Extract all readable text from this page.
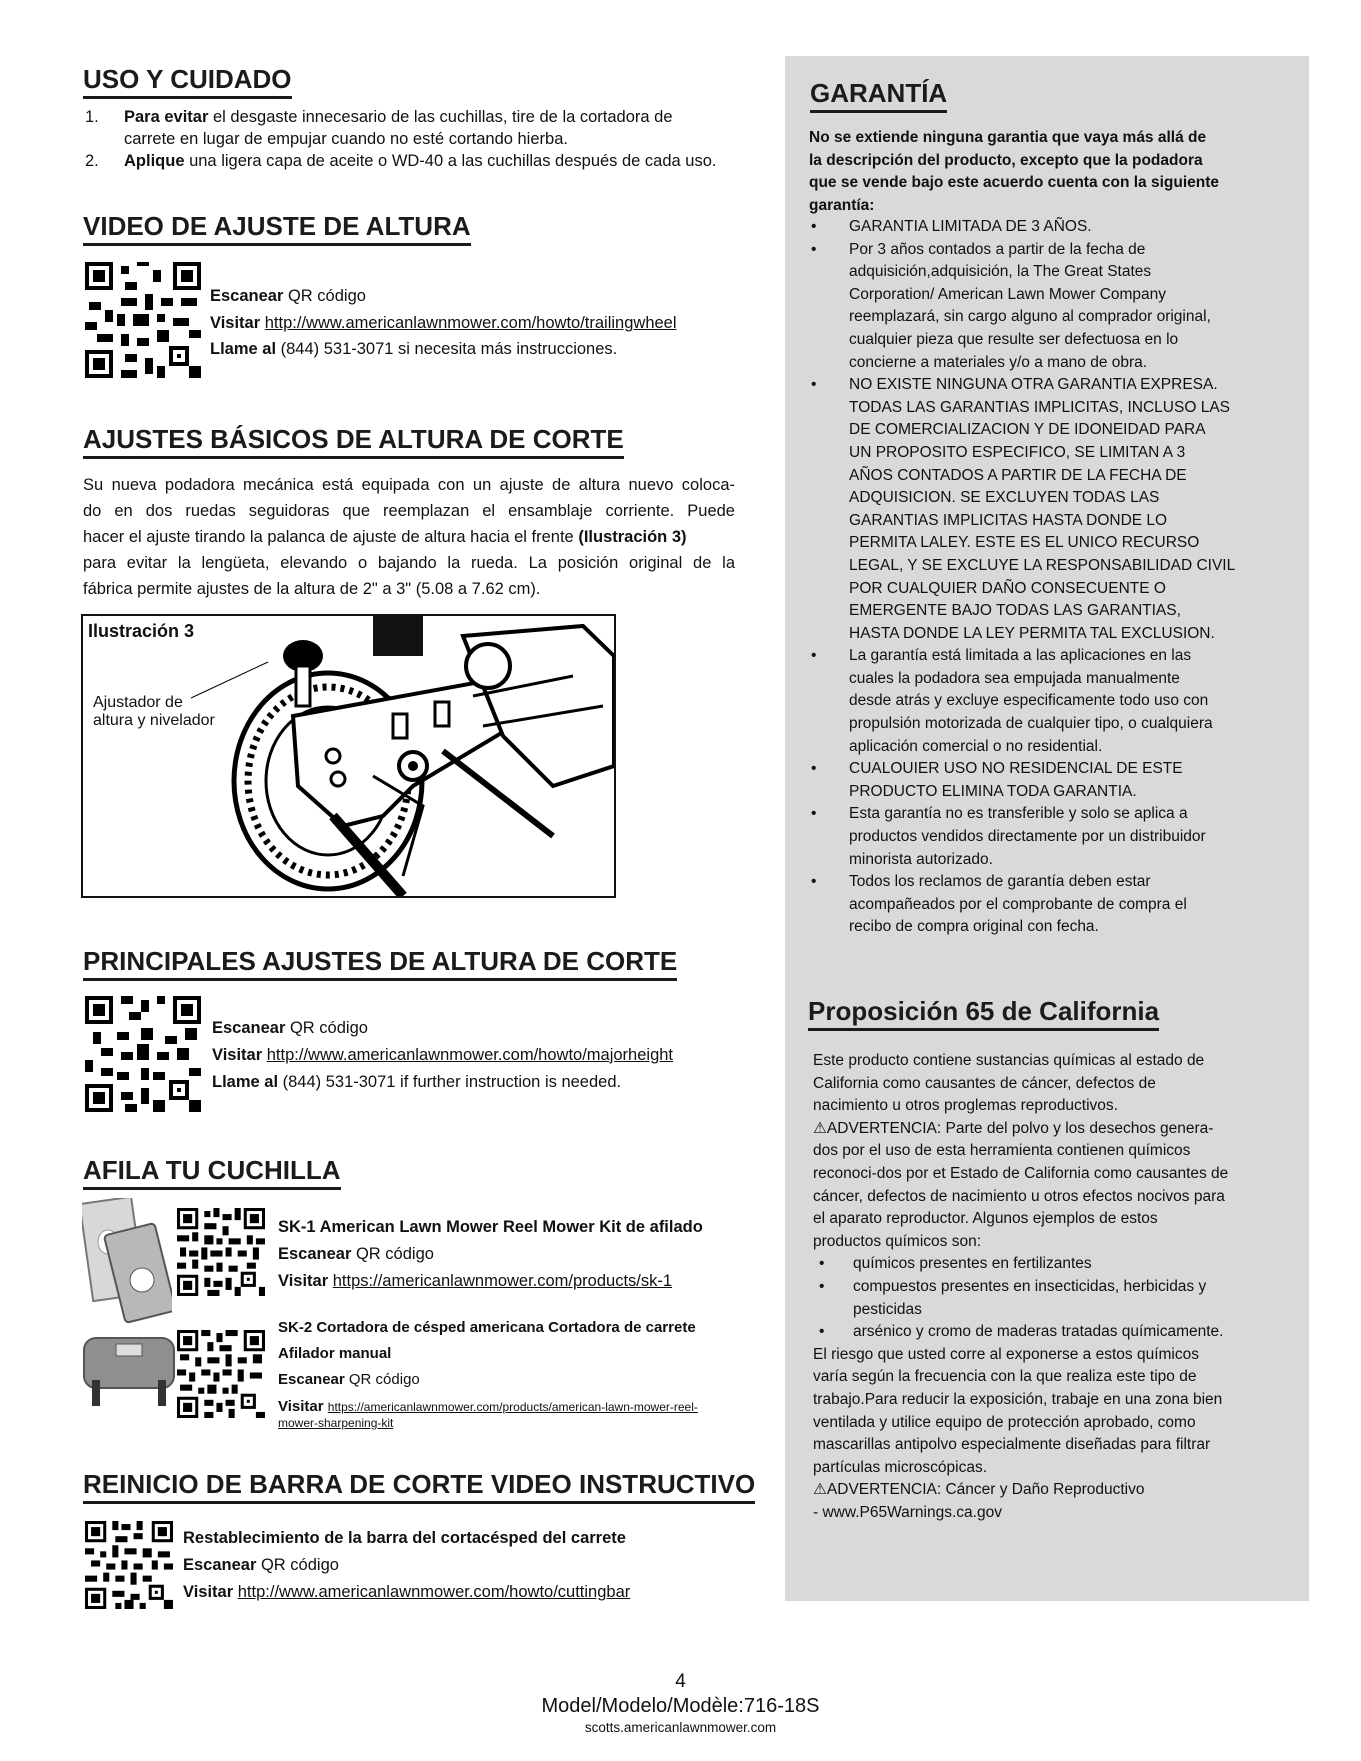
USO Y CUIDADO
1. Para evitar el desgaste innecesario de las cuchillas, tire de la cortadora de
carrete en lugar de empujar cuando no esté cortando hierba.
2. Aplique una ligera capa de aceite o WD-40 a las cuchillas después de cada uso.
VIDEO DE AJUSTE DE ALTURA
Escanear QR código
Visitar http://www.americanlawnmower.com/howto/trailingwheel
Llame al (844) 531-3071 si necesita más instrucciones.
AJUSTES BÁSICOS DE ALTURA DE CORTE
Su nueva podadora mecánica está equipada con un ajuste de altura nuevo coloca-
do en dos ruedas seguidoras que reemplazan el ensamblaje corriente. Puede
hacer el ajuste tirando la palanca de ajuste de altura hacia el frente (Ilustración 3)
para evitar la lengüeta, elevando o bajando la rueda. La posición original de la
fábrica permite ajustes de la altura de 2" a 3" (5.08 a 7.62 cm).
Ilustración 3
Ajustador de
altura y nivelador
PRINCIPALES AJUSTES DE ALTURA DE CORTE
Escanear QR código
Visitar http://www.americanlawnmower.com/howto/majorheight
Llame al (844) 531-3071 if further instruction is needed.
AFILA TU CUCHILLA
SK-1 American Lawn Mower Reel Mower Kit de afilado
Escanear QR código
Visitar https://americanlawnmower.com/products/sk-1
SK-2 Cortadora de césped americana Cortadora de carrete
Afilador manual
Escanear QR código
Visitar https://americanlawnmower.com/products/american-lawn-mower-reel-
mower-sharpening-kit
REINICIO DE BARRA DE CORTE VIDEO INSTRUCTIVO
Restablecimiento de la barra del cortacésped del carrete
Escanear QR código
Visitar http://www.americanlawnmower.com/howto/cuttingbar
GARANTÍA
No se extiende ninguna garantia que vaya más allá de
la descripción del producto, excepto que la podadora
que se vende bajo este acuerdo cuenta con la siguiente
garantía:
• GARANTIA LIMITADA DE 3 AÑOS.
• Por 3 años contados a partir de la fecha de
adquisición,adquisición, la The Great States
Corporation/ American Lawn Mower Company
reemplazará, sin cargo alguno al comprador original,
cualquier pieza que resulte ser defectuosa en lo
concierne a materiales y/o a mano de obra.
• NO EXISTE NINGUNA OTRA GARANTIA EXPRESA.
TODAS LAS GARANTIAS IMPLICITAS, INCLUSO LAS
DE COMERCIALIZACION Y DE IDONEIDAD PARA
UN PROPOSITO ESPECIFICO, SE LIMITAN A 3
AÑOS CONTADOS A PARTIR DE LA FECHA DE
ADQUISICION. SE EXCLUYEN TODAS LAS
GARANTIAS IMPLICITAS HASTA DONDE LO
PERMITA LALEY. ESTE ES EL UNICO RECURSO
LEGAL, Y SE EXCLUYE LA RESPONSABILIDAD CIVIL
POR CUALQUIER DAÑO CONSECUENTE O
EMERGENTE BAJO TODAS LAS GARANTIAS,
HASTA DONDE LA LEY PERMITA TAL EXCLUSION.
• La garantía está limitada a las aplicaciones en las
cuales la podadora sea empujada manualmente
desde atrás y excluye especificamente todo uso con
propulsión motorizada de cualquier tipo, o cualquiera
aplicación comercial o no residential.
• CUALOUIER USO NO RESIDENCIAL DE ESTE
PRODUCTO ELIMINA TODA GARANTIA.
• Esta garantía no es transferible y solo se aplica a
productos vendidos directamente por un distribuidor
minorista autorizado.
• Todos los reclamos de garantía deben estar
acompañeados por el comprobante de compra el
recibo de compra original con fecha.
Proposición 65 de California
Este producto contiene sustancias químicas al estado de
California como causantes de cáncer, defectos de
nacimiento u otros proglemas reproductivos.
⚠ADVERTENCIA: Parte del polvo y los desechos genera-
dos por el uso de esta herramienta contienen químicos
reconoci-dos por et Estado de California como causantes de
cáncer, defectos de nacimiento u otros efectos nocivos para
el aparato reproductor. Algunos ejemplos de estos
productos químicos son:
• químicos presentes en fertilizantes
• compuestos presentes en insecticidas, herbicidas y
pesticidas
• arsénico y cromo de maderas tratadas químicamente.
El riesgo que usted corre al exponerse a estos químicos
varía según la frecuencia con la que realiza este tipo de
trabajo.Para reducir la exposición, trabaje en una zona bien
ventilada y utilice equipo de protección aprobado, como
mascarillas antipolvo especialmente diseñadas para filtrar
partículas microscópicas.
⚠ADVERTENCIA: Cáncer y Daño Reproductivo
- www.P65Warnings.ca.gov
4
Model/Modelo/Modèle:716-18S
scotts.americanlawnmower.com
